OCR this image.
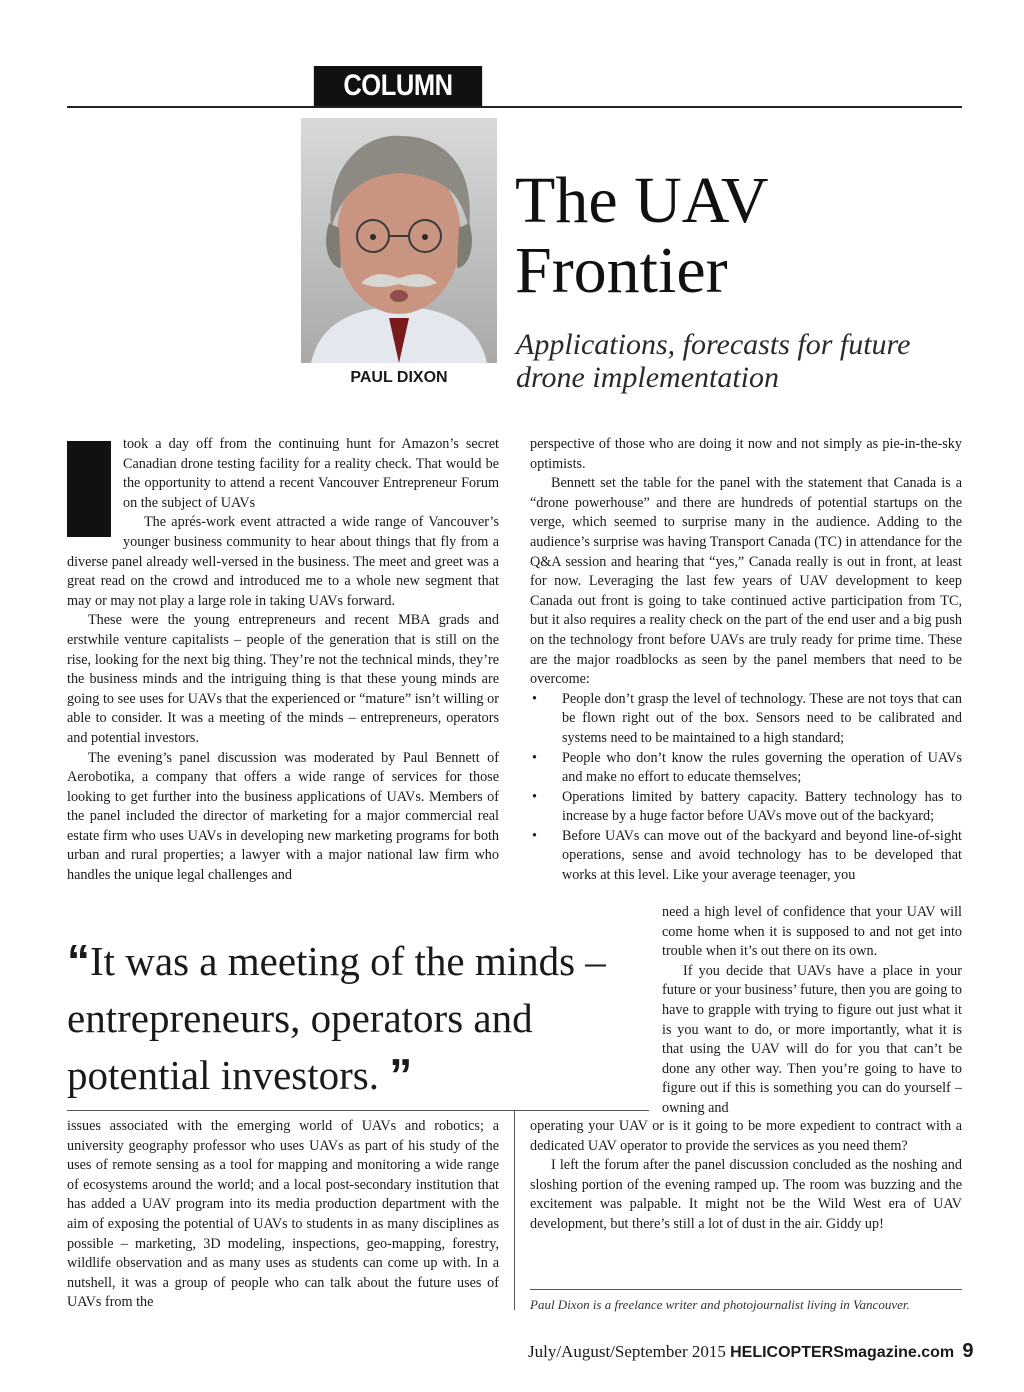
COLUMN
PAUL DIXON
The UAV
Frontier
Applications, forecasts for future
drone implementation

took a day off from the continuing hunt for Amazon’s secret Canadian drone testing facility for a reality check. That would be the opportunity to attend a recent Vancouver Entrepreneur Forum on the subject of UAVs

The aprés-work event attracted a wide range of Vancouver’s younger business community to hear about things that fly from a diverse panel already well-versed in the business. The meet and greet was a great read on the crowd and introduced me to a whole new segment that may or may not play a large role in taking UAVs forward.

These were the young entrepreneurs and recent MBA grads and erstwhile venture capitalists – people of the generation that is still on the rise, looking for the next big thing. They’re not the technical minds, they’re the business minds and the intriguing thing is that these young minds are going to see uses for UAVs that the experienced or “mature” isn’t willing or able to consider. It was a meeting of the minds – entrepreneurs, operators and potential investors.

The evening’s panel discussion was moderated by Paul Bennett of Aerobotika, a company that offers a wide range of services for those looking to get further into the business applications of UAVs. Members of the panel included the director of marketing for a major commercial real estate firm who uses UAVs in developing new marketing programs for both urban and rural properties; a lawyer with a major national law firm who handles the unique legal challenges and

perspective of those who are doing it now and not simply as pie-in-the-sky optimists.

Bennett set the table for the panel with the statement that Canada is a “drone powerhouse” and there are hundreds of potential startups on the verge, which seemed to surprise many in the audience. Adding to the audience’s surprise was having Transport Canada (TC) in attendance for the Q&A session and hearing that “yes,” Canada really is out in front, at least for now. Leveraging the last few years of UAV development to keep Canada out front is going to take continued active participation from TC, but it also requires a reality check on the part of the end user and a big push on the technology front before UAVs are truly ready for prime time. These are the major roadblocks as seen by the panel members that need to be overcome:

• People don’t grasp the level of technology. These are not toys that can be flown right out of the box. Sensors need to be calibrated and systems need to be maintained to a high standard;
• People who don’t know the rules governing the operation of UAVs and make no effort to educate themselves;
• Operations limited by battery capacity. Battery technology has to increase by a huge factor before UAVs move out of the backyard;
• Before UAVs can move out of the backyard and beyond line-of-sight operations, sense and avoid technology has to be developed that works at this level. Like your average teenager, you

need a high level of confidence that your UAV will come home when it is supposed to and not get into trouble when it’s out there on its own.

If you decide that UAVs have a place in your future or your business’ future, then you are going to have to grapple with trying to figure out just what it is you want to do, or more importantly, what it is that using the UAV will do for you that can’t be done any other way. Then you’re going to have to figure out if this is something you can do yourself – owning and

“It was a meeting of the minds – entrepreneurs, operators and potential investors. ”

issues associated with the emerging world of UAVs and robotics; a university geography professor who uses UAVs as part of his study of the uses of remote sensing as a tool for mapping and monitoring a wide range of ecosystems around the world; and a local post-secondary institution that has added a UAV program into its media production department with the aim of exposing the potential of UAVs to students in as many disciplines as possible – marketing, 3D modeling, inspections, geo-mapping, forestry, wildlife observation and as many uses as students can come up with. In a nutshell, it was a group of people who can talk about the future uses of UAVs from the

operating your UAV or is it going to be more expedient to contract with a dedicated UAV operator to provide the services as you need them?

I left the forum after the panel discussion concluded as the noshing and sloshing portion of the evening ramped up. The room was buzzing and the excitement was palpable. It might not be the Wild West era of UAV development, but there’s still a lot of dust in the air. Giddy up!

Paul Dixon is a freelance writer and photojournalist living in Vancouver.
July/August/September 2015 HELICOPTERSmagazine.com 9
